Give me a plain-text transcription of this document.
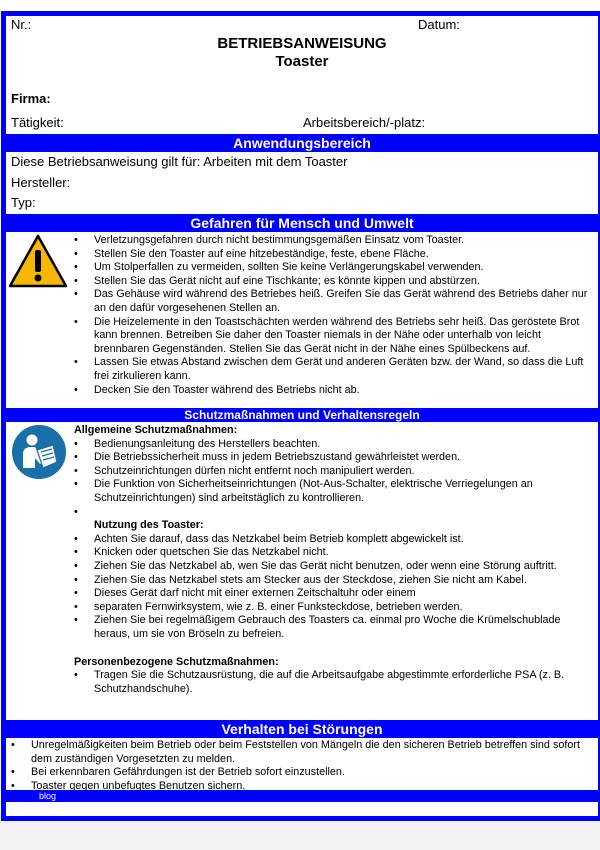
Nr.:	Datum:
BETRIEBSANWEISUNG
Toaster
Firma:
Tätigkeit:	Arbeitsbereich/-platz:
Anwendungsbereich
Diese Betriebsanweisung gilt für: Arbeiten mit dem Toaster
Hersteller:
Typ:
Gefahren für Mensch und Umwelt
• Verletzungsgefahren durch nicht bestimmungsgemäßen Einsatz vom Toaster.
• Stellen Sie den Toaster auf eine hitzebeständige, feste, ebene Fläche.
• Um Stolperfallen zu vermeiden, sollten Sie keine Verlängerungskabel verwenden.
• Stellen Sie das Gerät nicht auf eine Tischkante; es könnte kippen und abstürzen.
• Das Gehäuse wird während des Betriebes heiß. Greifen Sie das Gerät während des Betriebs daher nur an den dafür vorgesehenen Stellen an.
• Die Heizelemente in den Toastschächten werden während des Betriebs sehr heiß. Das geröstete Brot kann brennen. Betreiben Sie daher den Toaster niemals in der Nähe oder unterhalb von leicht brennbaren Gegenständen. Stellen Sie das Gerät nicht in der Nähe eines Spülbeckens auf.
• Lassen Sie etwas Abstand zwischen dem Gerät und anderen Geräten bzw. der Wand, so dass die Luft frei zirkulieren kann.
• Decken Sie den Toaster während des Betriebs nicht ab.
Schutzmaßnahmen und Verhaltensregeln
Allgemeine Schutzmaßnahmen:
• Bedienungsanleitung des Herstellers beachten.
• Die Betriebssicherheit muss in jedem Betriebszustand gewährleistet werden.
• Schutzeinrichtungen dürfen nicht entfernt noch manipuliert werden.
• Die Funktion von Sicherheitseinrichtungen (Not-Aus-Schalter, elektrische Verriegelungen an Schutzeinrichtungen) sind arbeitstäglich zu kontrollieren.
•
Nutzung des Toaster:
• Achten Sie darauf, dass das Netzkabel beim Betrieb komplett abgewickelt ist.
• Knicken oder quetschen Sie das Netzkabel nicht.
• Ziehen Sie das Netzkabel ab, wen Sie das Gerät nicht benutzen, oder wenn eine Störung auftritt.
• Ziehen Sie das Netzkabel stets am Stecker aus der Steckdose, ziehen Sie nicht am Kabel.
• Dieses Gerät darf nicht mit einer externen Zeitschaltuhr oder einem
• separaten Fernwirksystem, wie z. B. einer Funksteckdose, betrieben werden.
• Ziehen Sie bei regelmäßigem Gebrauch des Toasters ca. einmal pro Woche die Krümelschublade heraus, um sie von Bröseln zu befreien.
Personenbezogene Schutzmaßnahmen:
• Tragen Sie die Schutzausrüstung, die auf die Arbeitsaufgabe abgestimmte erforderliche PSA (z. B. Schutzhandschuhe).
Verhalten bei Störungen
• Unregelmäßigkeiten beim Betrieb oder beim Feststellen von Mängeln die den sicheren Betrieb betreffen sind sofort dem zuständigen Vorgesetzten zu melden.
• Bei erkennbaren Gefährdungen ist der Betrieb sofort einzustellen.
• Toaster gegen unbefugtes Benutzen sichern.
blog
